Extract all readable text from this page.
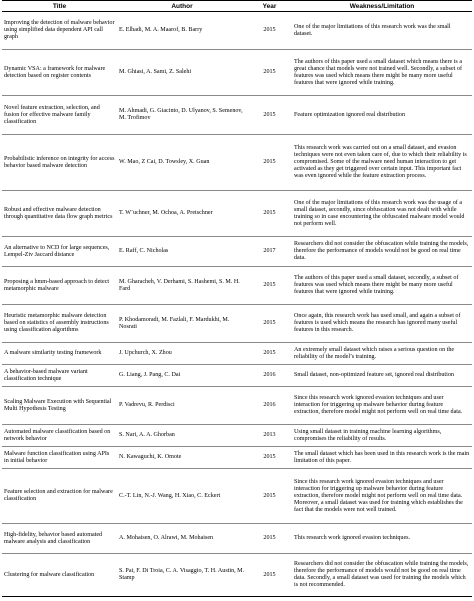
Title	Author	Year	Weakness/Limitation
Improving the detection of malware behavior using simplified data dependent API call graph	E. Elhadi, M. A. Maarof, B. Barry	2015	One of the major limitations of this research work was the small dataset.
Dynamic VSA: a framework for malware detection based on register contents	M. Ghiasi, A. Sami, Z. Salehi	2015	The authors of this paper used a small dataset which means there is a great chance that models were not trained well. Secondly, a subset of features was used which means there might be many more useful features that were ignored while training.
Novel feature extraction, selection, and fusion for effective malware family classification	M. Ahmadi, G. Giacinto, D. Ulyanov, S. Semenov, M. Trofimov	2015	Feature optimization ignored real distribution
Probabilistic inference on integrity for access behavior based malware detection	W. Mao, Z Cai, D. Towsley, X. Guan	2015	This research work was carried out on a small dataset, and evasion techniques were not even taken care of, due to which their reliability is compromised. Some of the malware need human interaction to get activated as they get triggered over certain input. This important fact was even ignored while the feature extraction process.
Robust and effective malware detection through quantitative data flow graph metrics	T. W¨uchner, M. Ochoa, A. Pretschner	2015	One of the major limitations of this research work was the usage of a small dataset, secondly, since obfuscation was not dealt with while training so in case encountering the obfuscated malware model would not perform well.
An alternative to NCD for large sequences, Lempel-Ziv Jaccard distance	E. Raff, C. Nicholas	2017	Researchers did not consider the obfuscation while training the models, therefore the performance of models would not be good on real time data.
Proposing a hmm-based approach to detect metamorphic malware	M. Gharacheh, V. Derhami, S. Hashemi, S. M. H. Fard	2015	The authors of this paper used a small dataset, secondly, a subset of features was used which means there might be many more useful features that were ignored while training.
Heuristic metamorphic malware detection based on statistics of assembly instructions using classification algorithms	P. Khodamoradi, M. Fazlali, F. Mardukhi, M. Nosrati	2015	Once again, this research work has used small, and again a subset of features is used which means the research has ignored many useful features in this research.
A malware similarity testing framework	J. Upchurch, X. Zhou	2015	An extremely small dataset which raises a serious question on the reliability of the model’s training.
A behavior-based malware variant classification technique	G. Liang, J. Pang, C. Dai	2016	Small dataset, non-optimized feature set, ignored real distribution
Scaling Malware Execution with Sequential Multi Hypothesis Testing	P. Vadrevu, R. Perdisci	2016	Since this research work ignored evasion techniques and user interaction for triggering up malware behavior during feature extraction, therefore model might not perform well on real time data.
Automated malware classification based on network behavior	S. Nari, A. A. Ghorban	2013	Using small dataset in training machine learning algorithms, compromises the reliability of results.
Malware function classification using APIs in initial behavior	N. Kawaguchi, K. Omote	2015	The small dataset which has been used in this research work is the main limitation of this paper.
Feature selection and extraction for malware classification	C.-T. Lin, N.-J. Wang, H. Xiao, C. Eckert	2015	Since this research work ignored evasion techniques and user interaction for triggering up malware behavior during feature extraction, therefore model might not perform well on real time data. Moreover, a small dataset was used for training which establishes the fact that the models were not well trained.
High-fidelity, behavior based automated malware analysis and classification	A. Mohaisen, O. Alrawi, M. Mohaisen	2015	This research work ignored evasion techniques.
Clustering for malware classification	S. Pai, F. Di Troia, C. A. Visaggio, T. H. Austin, M. Stamp	2015	Researchers did not consider the obfuscation while training the models, therefore the performance of models would not be good on real time data. Secondly, a small dataset was used for training the models which is not recommended.
